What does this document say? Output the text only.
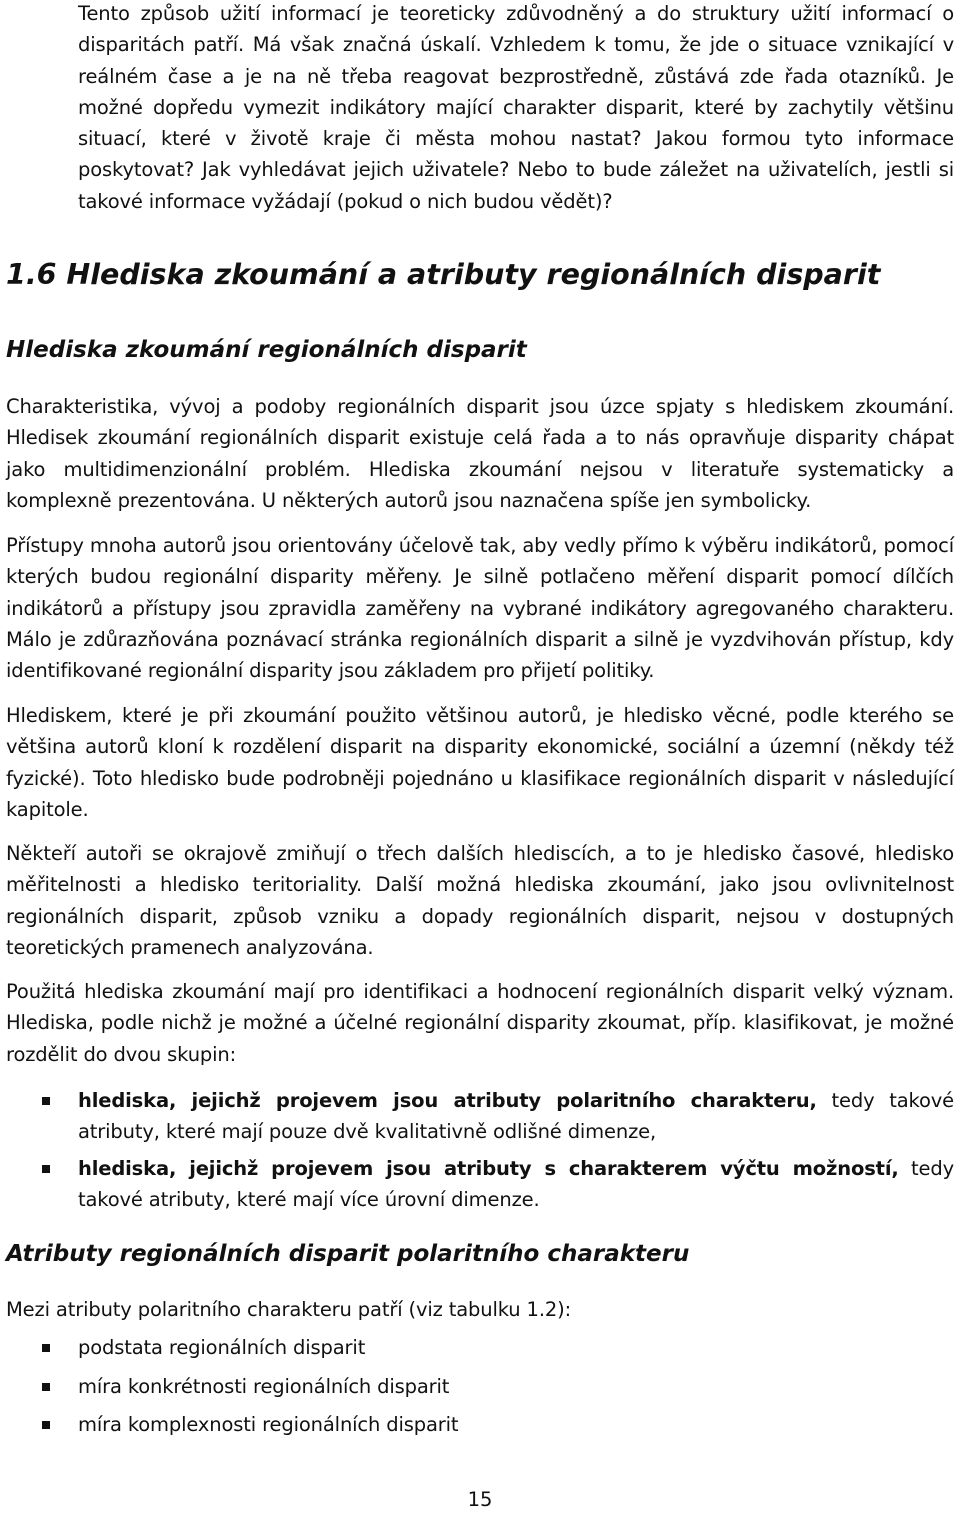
Tento způsob užití informací je teoreticky zdůvodněný a do struktury užití informací o disparitách patří. Má však značná úskalí. Vzhledem k tomu, že jde o situace vznikající v reálném čase a je na ně třeba reagovat bezprostředně, zůstává zde řada otazníků. Je možné dopředu vymezit indikátory mající charakter disparit, které by zachytily většinu situací, které v životě kraje či města mohou nastat? Jakou formou tyto informace poskytovat? Jak vyhledávat jejich uživatele? Nebo to bude záležet na uživatelích, jestli si takové informace vyžádají (pokud o nich budou vědět)?

1.6 Hlediska zkoumání a atributy regionálních disparit
Hlediska zkoumání regionálních disparit

Charakteristika, vývoj a podoby regionálních disparit jsou úzce spjaty s hlediskem zkoumání. Hledisek zkoumání regionálních disparit existuje celá řada a to nás opravňuje disparity chápat jako multidimenzionální problém. Hlediska zkoumání nejsou v literatuře systematicky a komplexně prezentována. U některých autorů jsou naznačena spíše jen symbolicky.

Přístupy mnoha autorů jsou orientovány účelově tak, aby vedly přímo k výběru indikátorů, pomocí kterých budou regionální disparity měřeny. Je silně potlačeno měření disparit pomocí dílčích indikátorů a přístupy jsou zpravidla zaměřeny na vybrané indikátory agregovaného charakteru. Málo je zdůrazňována poznávací stránka regionálních disparit a silně je vyzdvihován přístup, kdy identifikované regionální disparity jsou základem pro přijetí politiky.

Hlediskem, které je při zkoumání použito většinou autorů, je hledisko věcné, podle kterého se většina autorů kloní k rozdělení disparit na disparity ekonomické, sociální a územní (někdy též fyzické). Toto hledisko bude podrobněji pojednáno u klasifikace regionálních disparit v následující kapitole.

Někteří autoři se okrajově zmiňují o třech dalších hlediscích, a to je hledisko časové, hledisko měřitelnosti a hledisko teritoriality. Další možná hlediska zkoumání, jako jsou ovlivnitelnost regionálních disparit, způsob vzniku a dopady regionálních disparit, nejsou v dostupných teoretických pramenech analyzována.

Použitá hlediska zkoumání mají pro identifikaci a hodnocení regionálních disparit velký význam. Hlediska, podle nichž je možné a účelné regionální disparity zkoumat, příp. klasifikovat, je možné rozdělit do dvou skupin:

hlediska, jejichž projevem jsou atributy polaritního charakteru, tedy takové atributy, které mají pouze dvě kvalitativně odlišné dimenze,

hlediska, jejichž projevem jsou atributy s charakterem výčtu možností, tedy takové atributy, které mají více úrovní dimenze.

Atributy regionálních disparit polaritního charakteru

Mezi atributy polaritního charakteru patří (viz tabulku 1.2):

podstata regionálních disparit

míra konkrétnosti regionálních disparit

míra komplexnosti regionálních disparit

15
